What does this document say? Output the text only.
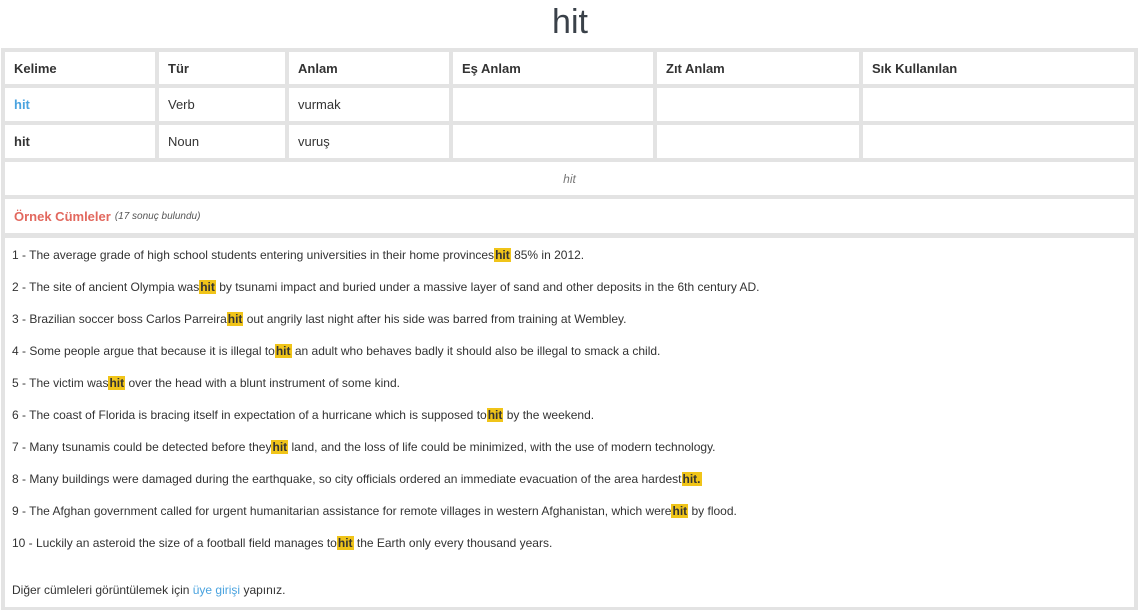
hit
Kelime	Tür	Anlam	Eş Anlam	Zıt Anlam	Sık Kullanılan
hit	Verb	vurmak
hit	Noun	vuruş
hit
Örnek Cümleler (17 sonuç bulundu)
1 - The average grade of high school students entering universities in their home provinceshit 85% in 2012.
2 - The site of ancient Olympia washit by tsunami impact and buried under a massive layer of sand and other deposits in the 6th century AD.
3 - Brazilian soccer boss Carlos Parreirahit out angrily last night after his side was barred from training at Wembley.
4 - Some people argue that because it is illegal tohit an adult who behaves badly it should also be illegal to smack a child.
5 - The victim washit over the head with a blunt instrument of some kind.
6 - The coast of Florida is bracing itself in expectation of a hurricane which is supposed tohit by the weekend.
7 - Many tsunamis could be detected before theyhit land, and the loss of life could be minimized, with the use of modern technology.
8 - Many buildings were damaged during the earthquake, so city officials ordered an immediate evacuation of the area hardesthit.
9 - The Afghan government called for urgent humanitarian assistance for remote villages in western Afghanistan, which werehit by flood.
10 - Luckily an asteroid the size of a football field manages tohit the Earth only every thousand years.
Diğer cümleleri görüntülemek için üye girişi yapınız.
